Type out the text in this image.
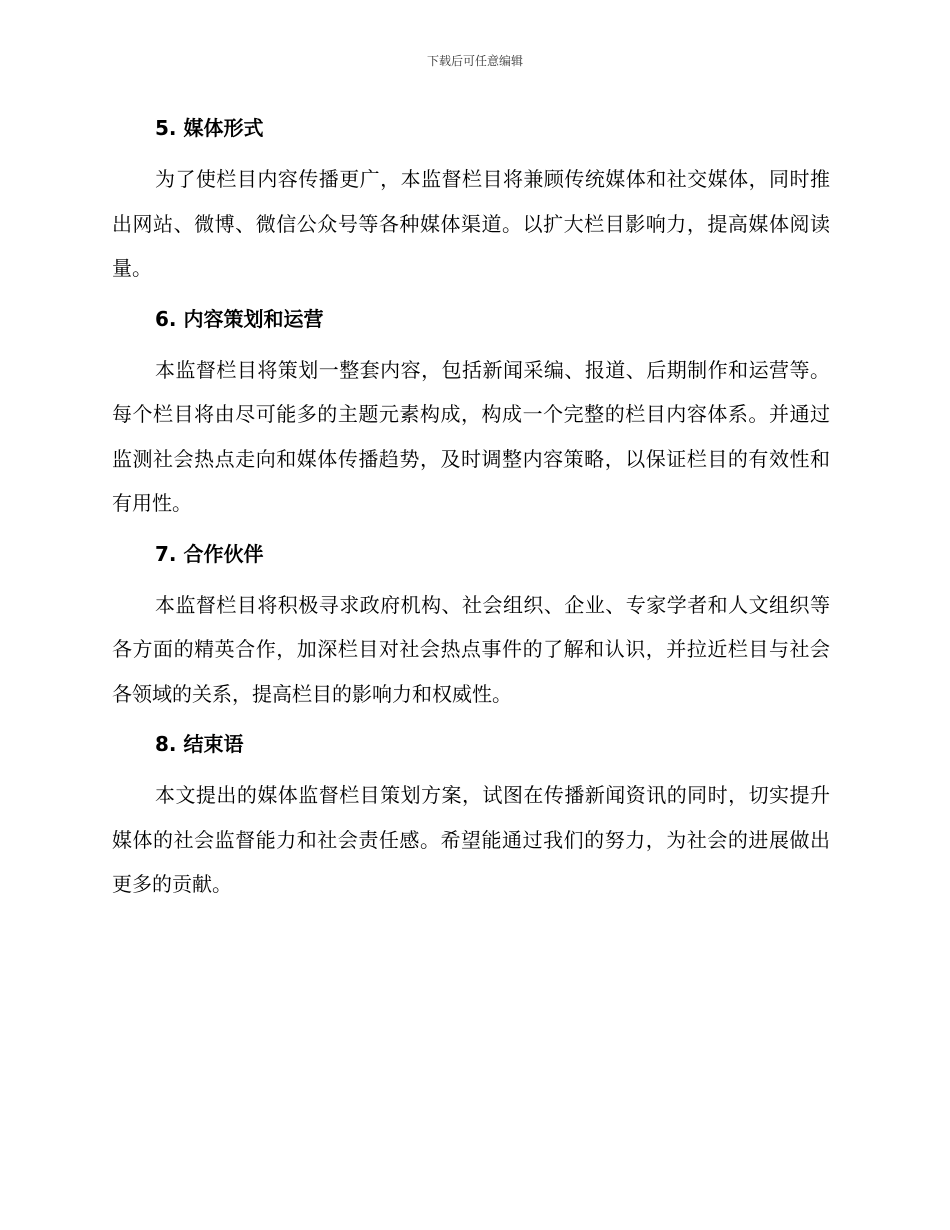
下载后可任意编辑
5. 媒体形式

为了使栏目内容传播更广，本监督栏目将兼顾传统媒体和社交媒体，同时推出网站、微博、微信公众号等各种媒体渠道。以扩大栏目影响力，提高媒体阅读量。

6. 内容策划和运营

本监督栏目将策划一整套内容，包括新闻采编、报道、后期制作和运营等。每个栏目将由尽可能多的主题元素构成，构成一个完整的栏目内容体系。并通过监测社会热点走向和媒体传播趋势，及时调整内容策略，以保证栏目的有效性和有用性。

7. 合作伙伴

本监督栏目将积极寻求政府机构、社会组织、企业、专家学者和人文组织等各方面的精英合作，加深栏目对社会热点事件的了解和认识，并拉近栏目与社会各领域的关系，提高栏目的影响力和权威性。

8. 结束语

本文提出的媒体监督栏目策划方案，试图在传播新闻资讯的同时，切实提升媒体的社会监督能力和社会责任感。希望能通过我们的努力，为社会的进展做出更多的贡献。
